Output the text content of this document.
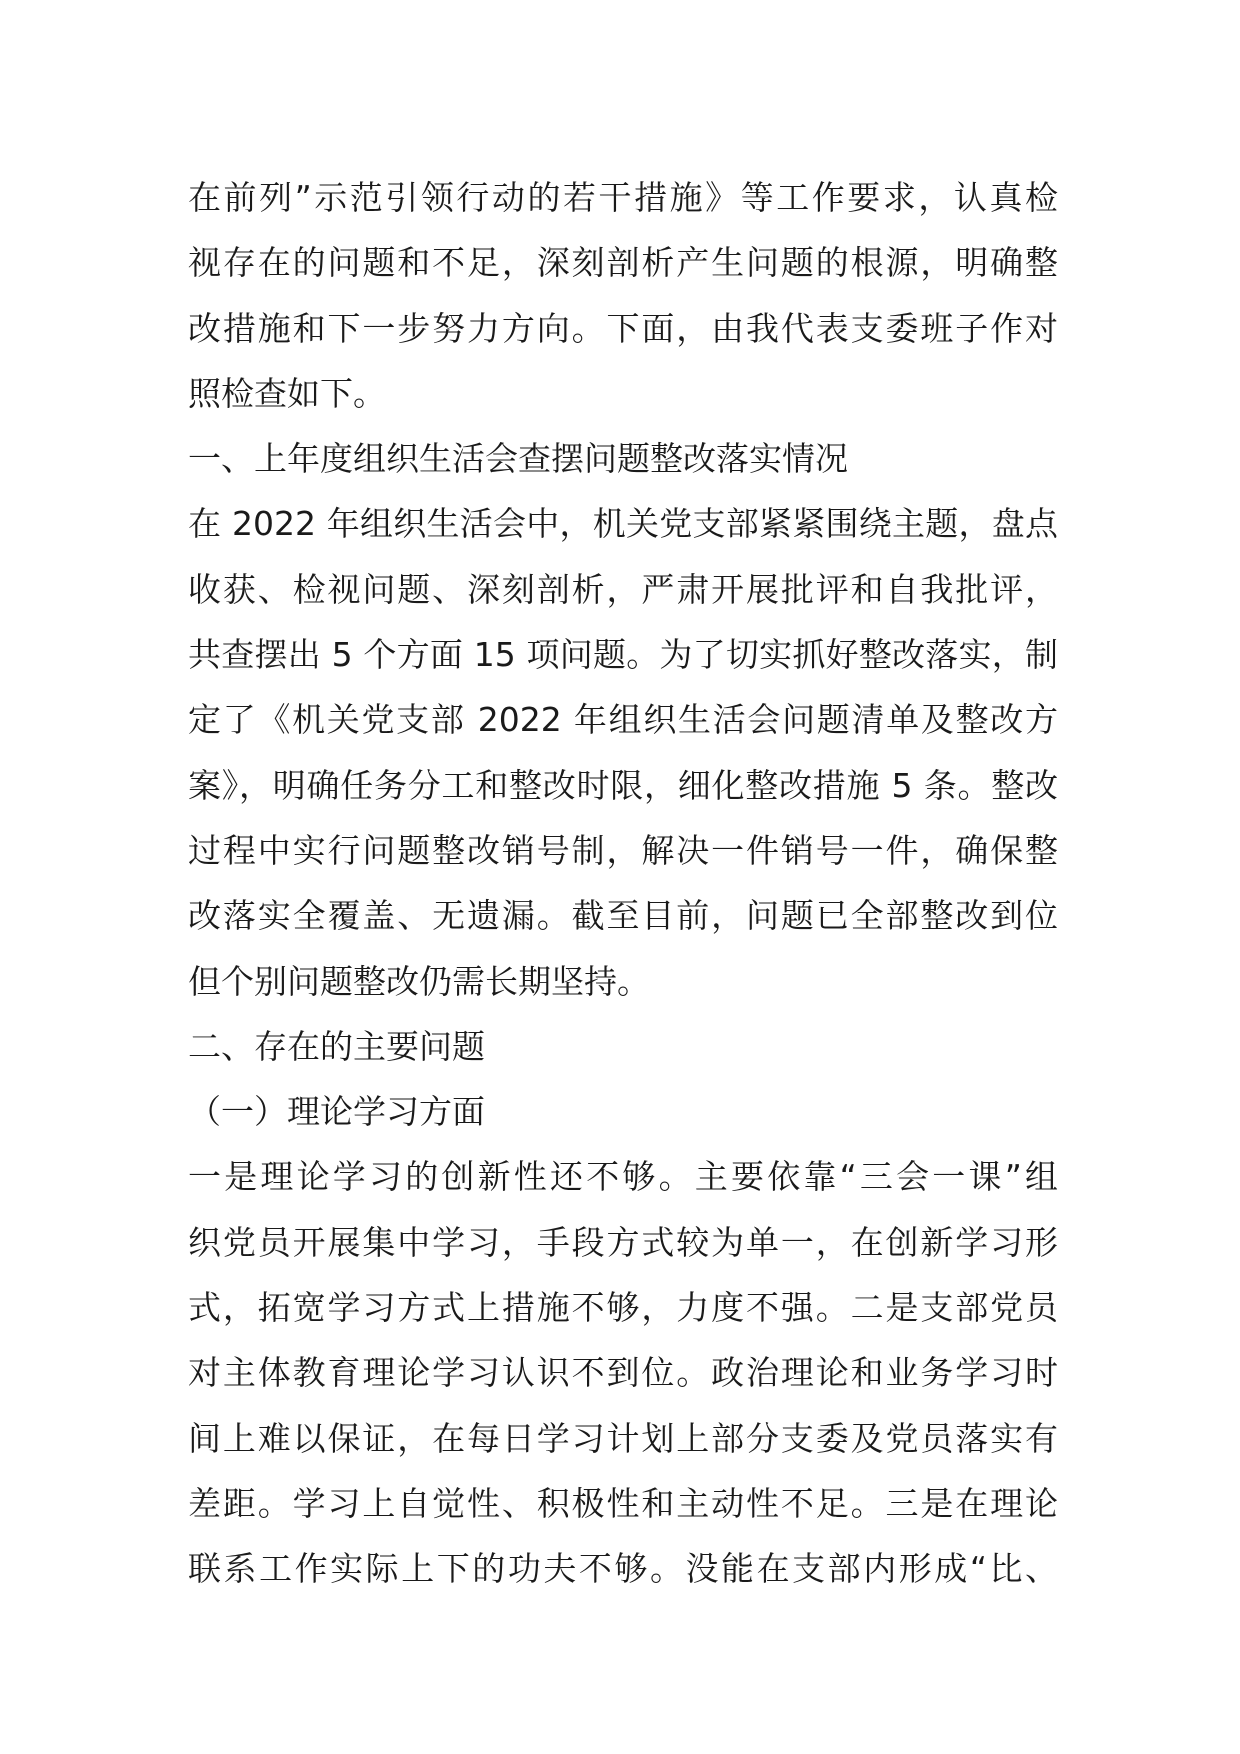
在前列”示范引领行动的若干措施》等工作要求，认真检
视存在的问题和不足，深刻剖析产生问题的根源，明确整
改措施和下一步努力方向。下面，由我代表支委班子作对
照检查如下。
一、上年度组织生活会查摆问题整改落实情况
在 2022 年组织生活会中，机关党支部紧紧围绕主题，盘点
收获、检视问题、深刻剖析，严肃开展批评和自我批评，
共查摆出 5 个方面 15 项问题。为了切实抓好整改落实，制
定了《机关党支部 2022 年组织生活会问题清单及整改方
案》，明确任务分工和整改时限，细化整改措施 5 条。整改
过程中实行问题整改销号制，解决一件销号一件，确保整
改落实全覆盖、无遗漏。截至目前，问题已全部整改到位
但个别问题整改仍需长期坚持。
二、存在的主要问题
（一）理论学习方面
一是理论学习的创新性还不够。主要依靠“三会一课”组
织党员开展集中学习，手段方式较为单一，在创新学习形
式，拓宽学习方式上措施不够，力度不强。二是支部党员
对主体教育理论学习认识不到位。政治理论和业务学习时
间上难以保证，在每日学习计划上部分支委及党员落实有
差距。学习上自觉性、积极性和主动性不足。三是在理论
联系工作实际上下的功夫不够。没能在支部内形成“比、
